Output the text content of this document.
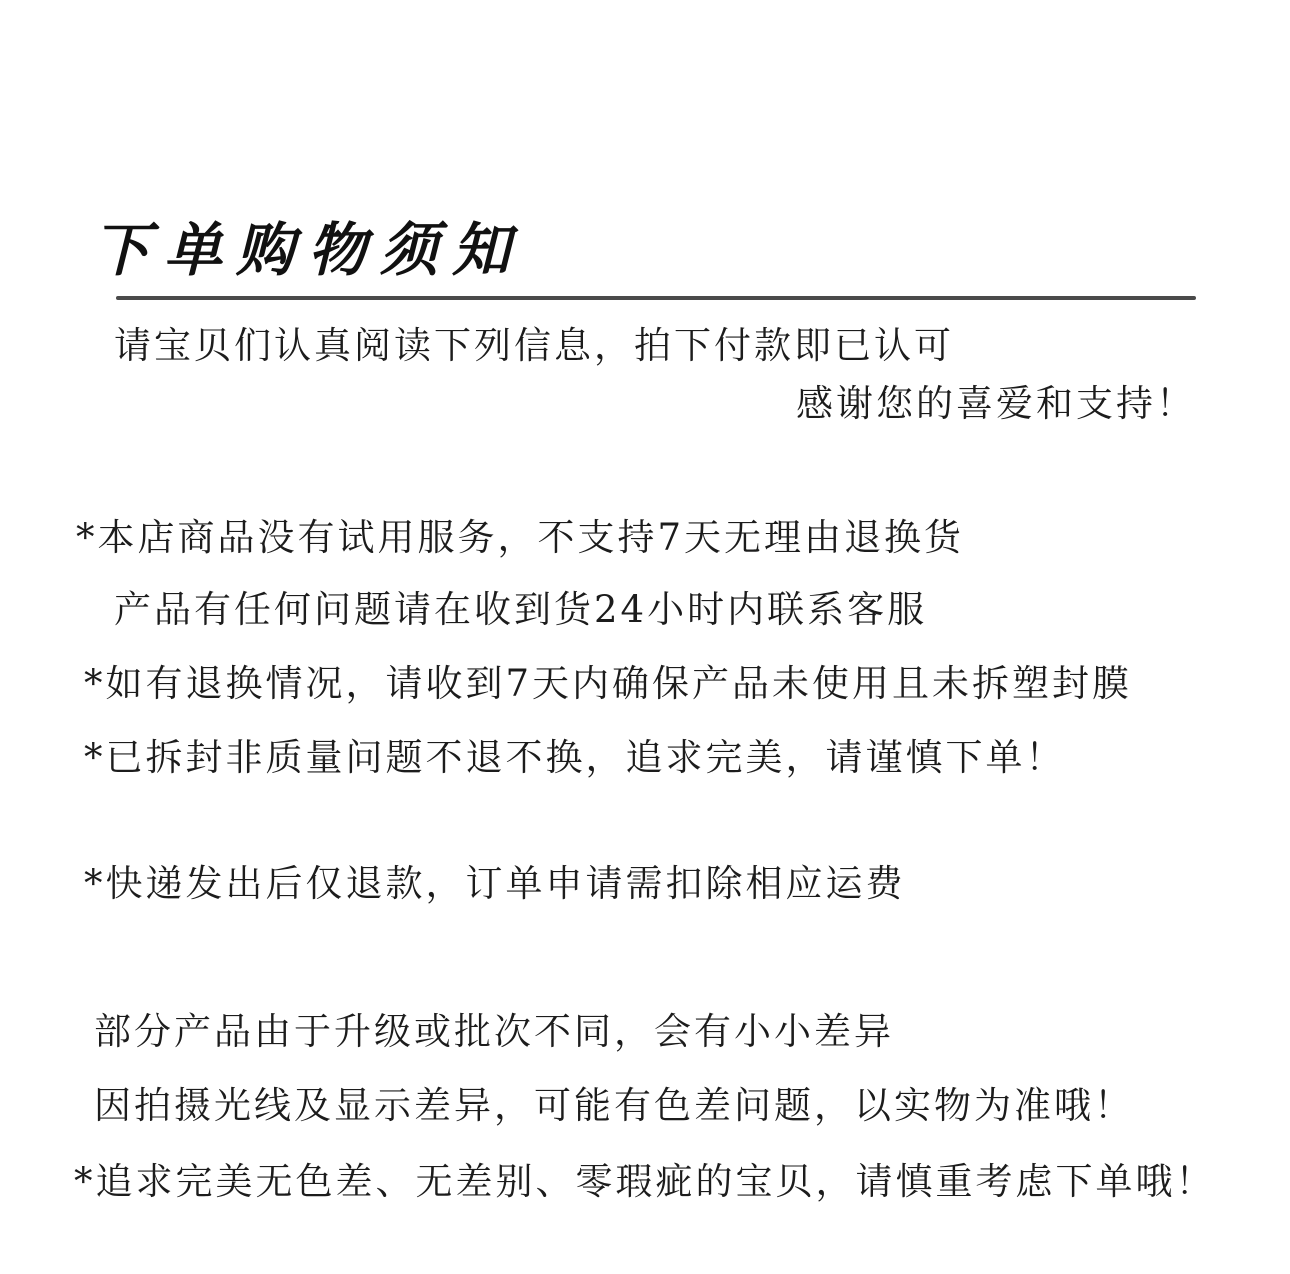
下单购物须知
请宝贝们认真阅读下列信息，拍下付款即已认可
感谢您的喜爱和支持！
*本店商品没有试用服务，不支持7天无理由退换货
产品有任何问题请在收到货24小时内联系客服
*如有退换情况，请收到7天内确保产品未使用且未拆塑封膜
*已拆封非质量问题不退不换，追求完美，请谨慎下单！
*快递发出后仅退款，订单申请需扣除相应运费
部分产品由于升级或批次不同，会有小小差异
因拍摄光线及显示差异，可能有色差问题，以实物为准哦！
*追求完美无色差、无差别、零瑕疵的宝贝，请慎重考虑下单哦！
